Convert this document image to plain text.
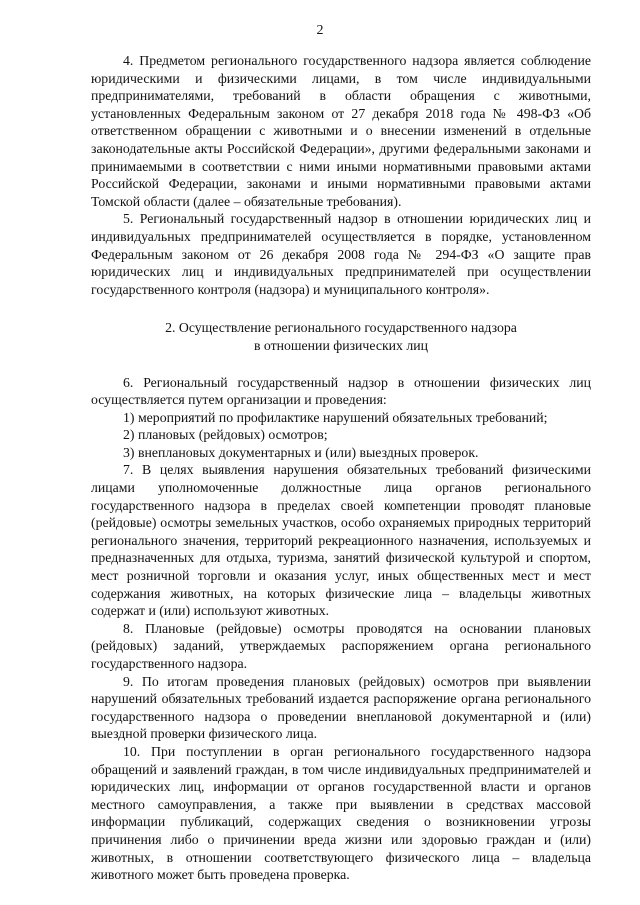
2

4. Предметом регионального государственного надзора является соблюдение юридическими и физическими лицами, в том числе индивидуальными предпринимателями, требований в области обращения с животными, установленных Федеральным законом от 27 декабря 2018 года № 498-ФЗ «Об ответственном обращении с животными и о внесении изменений в отдельные законодательные акты Российской Федерации», другими федеральными законами и принимаемыми в соответствии с ними иными нормативными правовыми актами Российской Федерации, законами и иными нормативными правовыми актами Томской области (далее – обязательные требования).

5. Региональный государственный надзор в отношении юридических лиц и индивидуальных предпринимателей осуществляется в порядке, установленном Федеральным законом от 26 декабря 2008 года № 294-ФЗ «О защите прав юридических лиц и индивидуальных предпринимателей при осуществлении государственного контроля (надзора) и муниципального контроля».

2. Осуществление регионального государственного надзора
в отношении физических лиц

6. Региональный государственный надзор в отношении физических лиц осуществляется путем организации и проведения:

1) мероприятий по профилактике нарушений обязательных требований;

2) плановых (рейдовых) осмотров;

3) внеплановых документарных и (или) выездных проверок.

7. В целях выявления нарушения обязательных требований физическими лицами уполномоченные должностные лица органов регионального государственного надзора в пределах своей компетенции проводят плановые (рейдовые) осмотры земельных участков, особо охраняемых природных территорий регионального значения, территорий рекреационного назначения, используемых и предназначенных для отдыха, туризма, занятий физической культурой и спортом, мест розничной торговли и оказания услуг, иных общественных мест и мест содержания животных, на которых физические лица – владельцы животных содержат и (или) используют животных.

8. Плановые (рейдовые) осмотры проводятся на основании плановых (рейдовых) заданий, утверждаемых распоряжением органа регионального государственного надзора.

9. По итогам проведения плановых (рейдовых) осмотров при выявлении нарушений обязательных требований издается распоряжение органа регионального государственного надзора о проведении внеплановой документарной и (или) выездной проверки физического лица.

10. При поступлении в орган регионального государственного надзора обращений и заявлений граждан, в том числе индивидуальных предпринимателей и юридических лиц, информации от органов государственной власти и органов местного самоуправления, а также при выявлении в средствах массовой информации публикаций, содержащих сведения о возникновении угрозы причинения либо о причинении вреда жизни или здоровью граждан и (или) животных, в отношении соответствующего физического лица – владельца животного может быть проведена проверка.
